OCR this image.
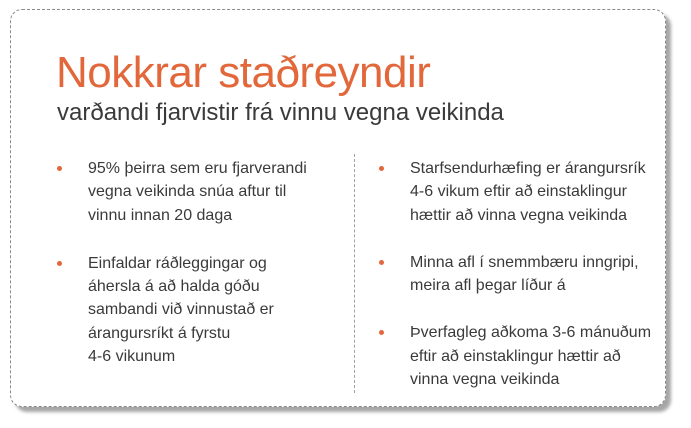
Nokkrar staðreyndir
varðandi fjarvistir frá vinnu vegna veikinda
95% þeirra sem eru fjarverandi
vegna veikinda snúa aftur til
vinnu innan 20 daga
Einfaldar ráðleggingar og
áhersla á að halda góðu
sambandi við vinnustað er
árangursríkt á fyrstu
4-6 vikunum
Starfsendurhæfing er árangursrík
4-6 vikum eftir að einstaklingur
hættir að vinna vegna veikinda
Minna afl í snemmbæru inngripi,
meira afl þegar líður á
Þverfagleg aðkoma 3-6 mánuðum
eftir að einstaklingur hættir að
vinna vegna veikinda
